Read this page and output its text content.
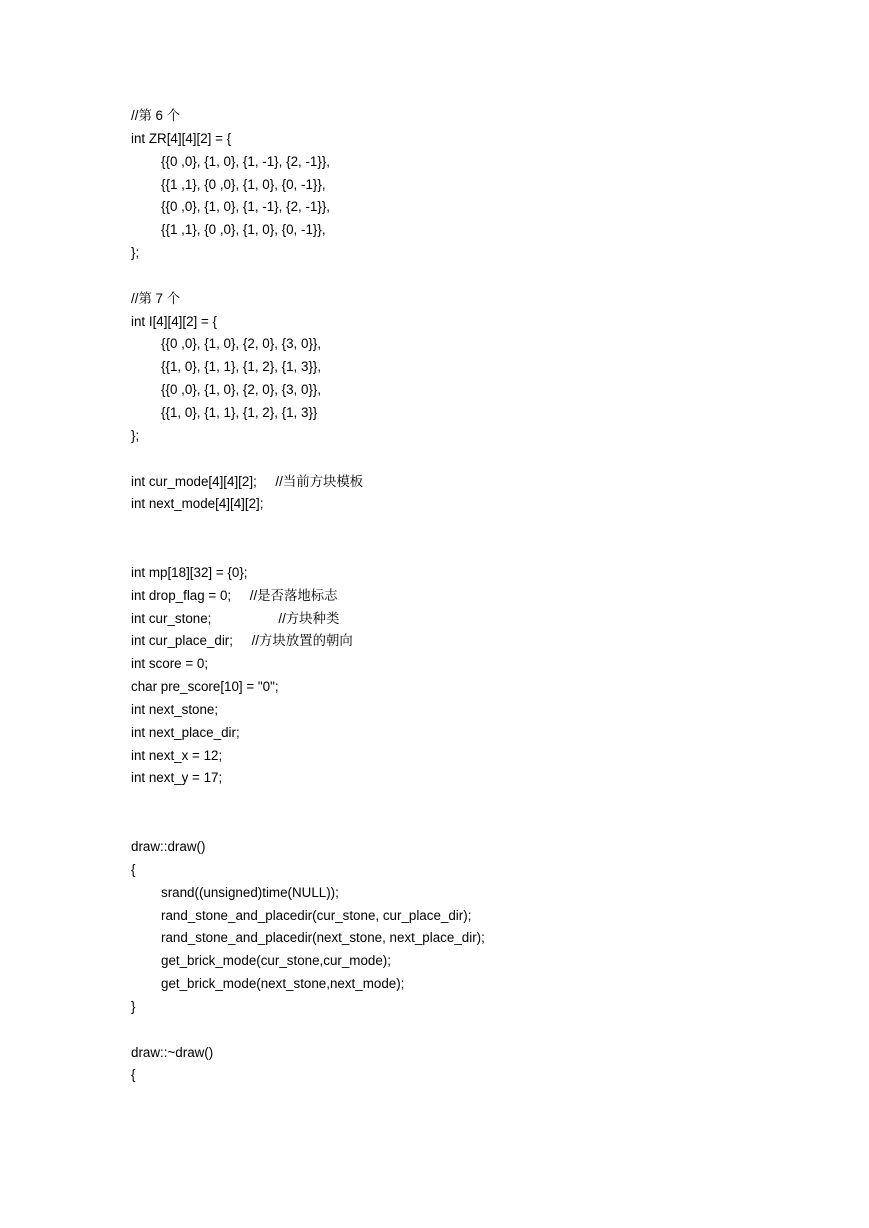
//第 6 个
int ZR[4][4][2] = {
{{0 ,0}, {1, 0}, {1, -1}, {2, -1}},
{{1 ,1}, {0 ,0}, {1, 0}, {0, -1}},
{{0 ,0}, {1, 0}, {1, -1}, {2, -1}},
{{1 ,1}, {0 ,0}, {1, 0}, {0, -1}},
};
//第 7 个
int I[4][4][2] = {
{{0 ,0}, {1, 0}, {2, 0}, {3, 0}},
{{1, 0}, {1, 1}, {1, 2}, {1, 3}},
{{0 ,0}, {1, 0}, {2, 0}, {3, 0}},
{{1, 0}, {1, 1}, {1, 2}, {1, 3}}
};
int cur_mode[4][4][2];     //当前方块模板
int next_mode[4][4][2];
int mp[18][32] = {0};
int drop_flag = 0;     //是否落地标志
int cur_stone;                  //方块种类
int cur_place_dir;     //方块放置的朝向
int score = 0;
char pre_score[10] = "0";
int next_stone;
int next_place_dir;
int next_x = 12;
int next_y = 17;
draw::draw()
{
srand((unsigned)time(NULL));
rand_stone_and_placedir(cur_stone, cur_place_dir);
rand_stone_and_placedir(next_stone, next_place_dir);
get_brick_mode(cur_stone,cur_mode);
get_brick_mode(next_stone,next_mode);
}
draw::~draw()
{
